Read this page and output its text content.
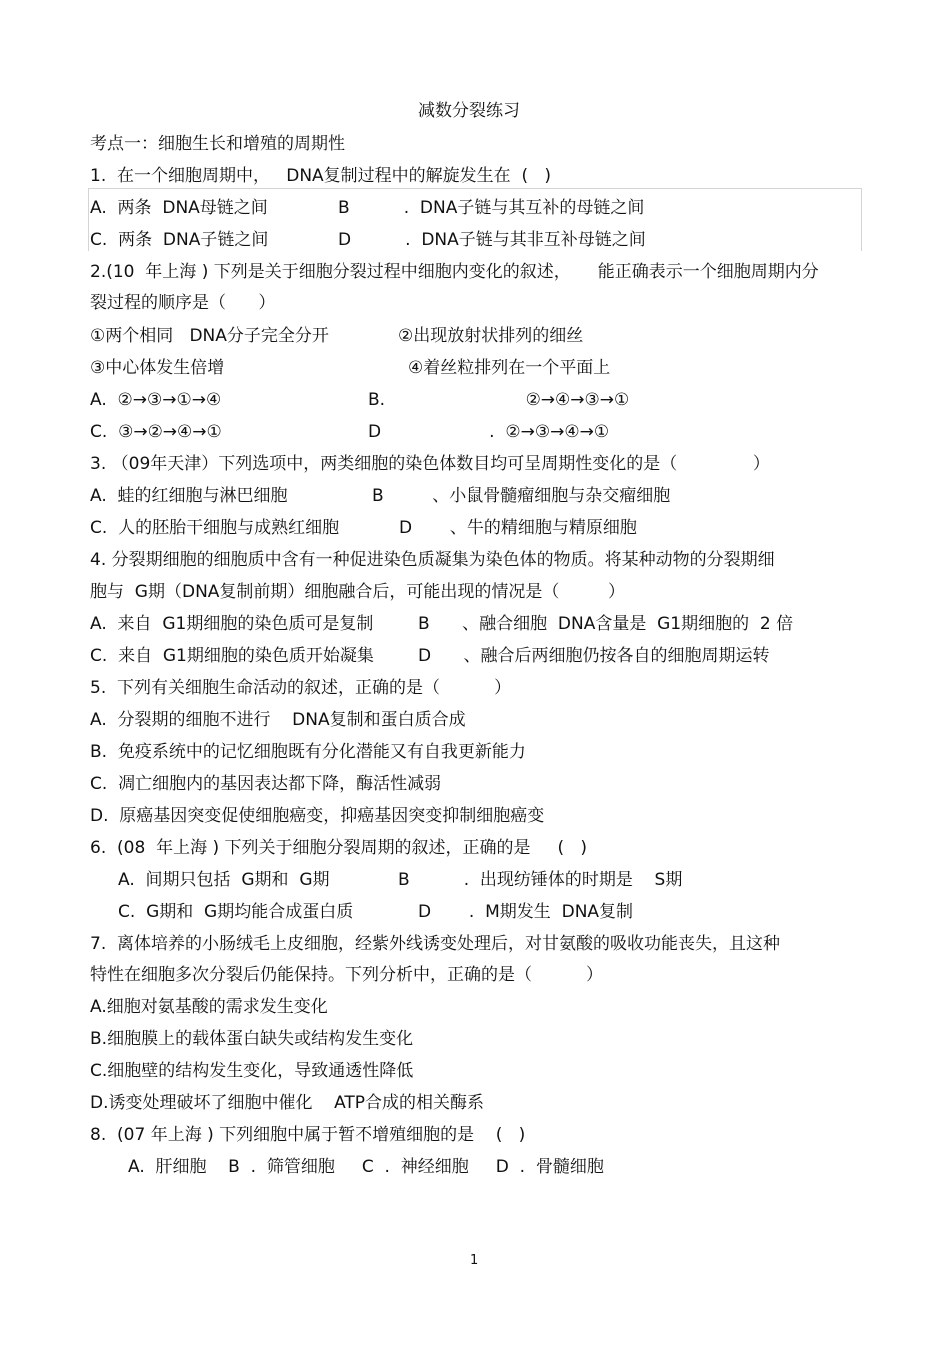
减数分裂练习
考点一：细胞生长和增殖的周期性
1.  在一个细胞周期中，   DNA复制过程中的解旋发生在  (   )
A.  两条  DNA母链之间	B          .  DNA子链与其互补的母链之间
C.  两条  DNA子链之间	D          .  DNA子链与其非互补母链之间
2.(10  年上海 ) 下列是关于细胞分裂过程中细胞内变化的叙述，     能正确表示一个细胞周期内分
裂过程的顺序是（      ）
①两个相同   DNA分子完全分开	②出现放射状排列的细丝
③中心体发生倍增	④着丝粒排列在一个平面上
A.  ②→③→①→④	B.                          ②→④→③→①
C.  ③→②→④→①	D                    .  ②→③→④→①
3. （09年天津）下列选项中，两类细胞的染色体数目均可呈周期性变化的是（              ）
A.  蛙的红细胞与淋巴细胞	B         、小鼠骨髓瘤细胞与杂交瘤细胞
C.  人的胚胎干细胞与成熟红细胞	D       、牛的精细胞与精原细胞
4. 分裂期细胞的细胞质中含有一种促进染色质凝集为染色体的物质。将某种动物的分裂期细
胞与  G期（DNA复制前期）细胞融合后，可能出现的情况是（         ）
A.  来自  G1期细胞的染色质可是复制	B      、融合细胞  DNA含量是  G1期细胞的  2 倍
C.  来自  G1期细胞的染色质开始凝集	D      、融合后两细胞仍按各自的细胞周期运转
5.  下列有关细胞生命活动的叙述，正确的是（          ）
A.  分裂期的细胞不进行    DNA复制和蛋白质合成
B.  免疫系统中的记忆细胞既有分化潜能又有自我更新能力
C.  凋亡细胞内的基因表达都下降，酶活性减弱
D.  原癌基因突变促使细胞癌变，抑癌基因突变抑制细胞癌变
6.  (08  年上海 ) 下列关于细胞分裂周期的叙述，正确的是     (   )
A.  间期只包括  G期和  G期	B          .  出现纺锤体的时期是    S期
C.  G期和  G期均能合成蛋白质	D       .  M期发生  DNA复制
7.  离体培养的小肠绒毛上皮细胞，经紫外线诱变处理后，对甘氨酸的吸收功能丧失，且这种
特性在细胞多次分裂后仍能保持。下列分析中，正确的是（          ）
A.细胞对氨基酸的需求发生变化
B.细胞膜上的载体蛋白缺失或结构发生变化
C.细胞壁的结构发生变化，导致通透性降低
D.诱变处理破坏了细胞中催化    ATP合成的相关酶系
8.  (07 年上海 ) 下列细胞中属于暂不增殖细胞的是    (   )
A.  肝细胞    B  .  筛管细胞     C  .  神经细胞     D  .  骨髓细胞
1
